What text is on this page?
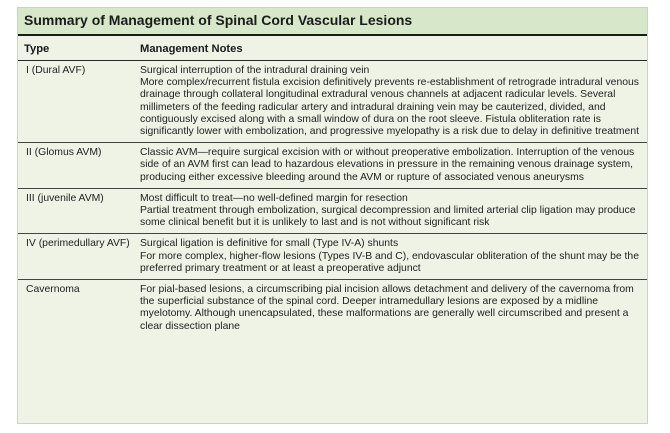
Summary of Management of Spinal Cord Vascular Lesions
Type	Management Notes
I (Dural AVF)	Surgical interruption of the intradural draining vein
More complex/recurrent fistula excision definitively prevents re-establishment of retrograde intradural venous drainage through collateral longitudinal extradural venous channels at adjacent radicular levels. Several millimeters of the feeding radicular artery and intradural draining vein may be cauterized, divided, and contiguously excised along with a small window of dura on the root sleeve. Fistula obliteration rate is significantly lower with embolization, and progressive myelopathy is a risk due to delay in definitive treatment

II (Glomus AVM)	Classic AVM—require surgical excision with or without preoperative embolization. Interruption of the venous side of an AVM first can lead to hazardous elevations in pressure in the remaining venous drainage system, producing either excessive bleeding around the AVM or rupture of associated venous aneurysms

III (juvenile AVM)	Most difficult to treat—no well-defined margin for resection
Partial treatment through embolization, surgical decompression and limited arterial clip ligation may produce some clinical benefit but it is unlikely to last and is not without significant risk

IV (perimedullary AVF)	Surgical ligation is definitive for small (Type IV-A) shunts
For more complex, higher-flow lesions (Types IV-B and C), endovascular obliteration of the shunt may be the preferred primary treatment or at least a preoperative adjunct

Cavernoma	For pial-based lesions, a circumscribing pial incision allows detachment and delivery of the cavernoma from the superficial substance of the spinal cord. Deeper intramedullary lesions are exposed by a midline myelotomy. Although unencapsulated, these malformations are generally well circumscribed and present a clear dissection plane
